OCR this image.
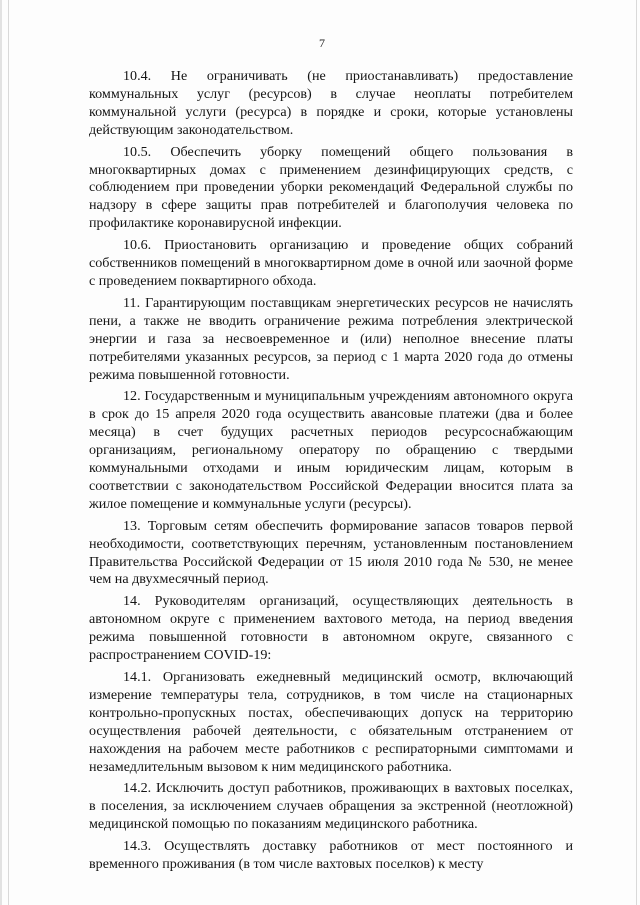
7

10.4. Не ограничивать (не приостанавливать) предоставление коммунальных услуг (ресурсов) в случае неоплаты потребителем коммунальной услуги (ресурса) в порядке и сроки, которые установлены действующим законодательством.

10.5. Обеспечить уборку помещений общего пользования в многоквартирных домах с применением дезинфицирующих средств, с соблюдением при проведении уборки рекомендаций Федеральной службы по надзору в сфере защиты прав потребителей и благополучия человека по профилактике коронавирусной инфекции.

10.6. Приостановить организацию и проведение общих собраний собственников помещений в многоквартирном доме в очной или заочной форме с проведением поквартирного обхода.

11. Гарантирующим поставщикам энергетических ресурсов не начислять пени, а также не вводить ограничение режима потребления электрической энергии и газа за несвоевременное и (или) неполное внесение платы потребителями указанных ресурсов, за период с 1 марта 2020 года до отмены режима повышенной готовности.

12. Государственным и муниципальным учреждениям автономного округа в срок до 15 апреля 2020 года осуществить авансовые платежи (два и более месяца) в счет будущих расчетных периодов ресурсоснабжающим организациям, региональному оператору по обращению с твердыми коммунальными отходами и иным юридическим лицам, которым в соответствии с законодательством Российской Федерации вносится плата за жилое помещение и коммунальные услуги (ресурсы).

13. Торговым сетям обеспечить формирование запасов товаров первой необходимости, соответствующих перечням, установленным постановлением Правительства Российской Федерации от 15 июля 2010 года № 530, не менее чем на двухмесячный период.

14. Руководителям организаций, осуществляющих деятельность в автономном округе с применением вахтового метода, на период введения режима повышенной готовности в автономном округе, связанного с распространением COVID-19:

14.1. Организовать ежедневный медицинский осмотр, включающий измерение температуры тела, сотрудников, в том числе на стационарных контрольно-пропускных постах, обеспечивающих допуск на территорию осуществления рабочей деятельности, с обязательным отстранением от нахождения на рабочем месте работников с респираторными симптомами и незамедлительным вызовом к ним медицинского работника.

14.2. Исключить доступ работников, проживающих в вахтовых поселках, в поселения, за исключением случаев обращения за экстренной (неотложной) медицинской помощью по показаниям медицинского работника.

14.3. Осуществлять доставку работников от мест постоянного и временного проживания (в том числе вахтовых поселков) к месту
